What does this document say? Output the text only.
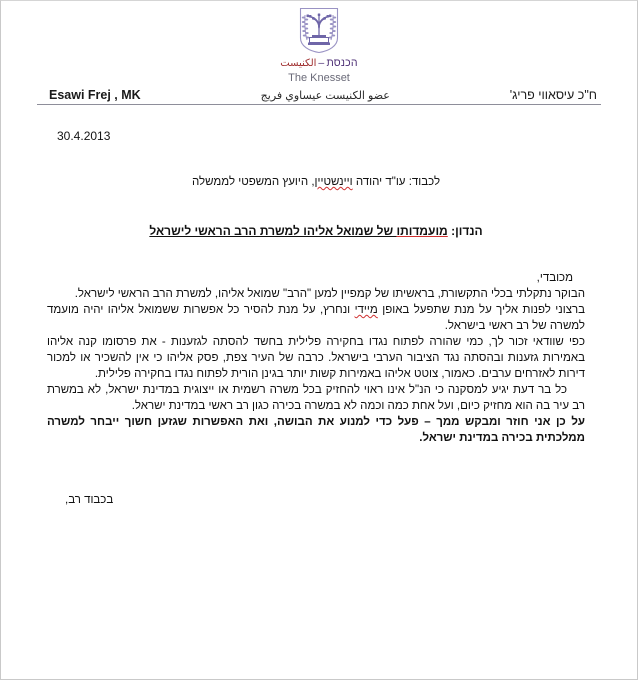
הכנסת–الكنيست
The Knesset
Esawi Frej , MK	عضو الكنيست عيساوي فريج	ח"כ עיסאווי פריג'
30.4.2013
לכבוד: עו"ד יהודה ויינשטיין, היועץ המשפטי לממשלה
הנדון: מועמדותו של שמואל אליהו למשרת הרב הראשי לישראל
מכובדי,

הבוקר נתקלתי בכלי התקשורת, בראשיתו של קמפיין למען "הרב" שמואל אליהו, למשרת הרב הראשי לישראל.

ברצוני לפנות אליך על מנת שתפעל באופן מיידי ונחרץ, על מנת להסיר כל אפשרות ששמואל אליהו יהיה מועמד למשרה של רב ראשי בישראל.

כפי שוודאי זכור לך, כמי שהורה לפתוח נגדו בחקירה פלילית בחשד להסתה לגזענות - את פרסומו קנה אליהו באמירות גזענות ובהסתה נגד הציבור הערבי בישראל. כרבה של העיר צפת, פסק אליהו כי אין להשכיר או למכור דירות לאזרחים ערבים. כאמור, צוטט אליהו באמירות קשות יותר בגינן הורית לפתוח נגדו בחקירה פלילית.

כל בר דעת יגיע למסקנה כי הנ"ל אינו ראוי להחזיק בכל משרה רשמית או ייצוגית במדינת ישראל, לא במשרת רב עיר בה הוא מחזיק כיום, ועל אחת כמה וכמה לא במשרה בכירה כגון רב ראשי במדינת ישראל.

על כן אני חוזר ומבקש ממך – פעל כדי למנוע את הבושה, ואת האפשרות שגזען חשוך ייבחר למשרה ממלכתית בכירה במדינת ישראל.

בכבוד רב,
